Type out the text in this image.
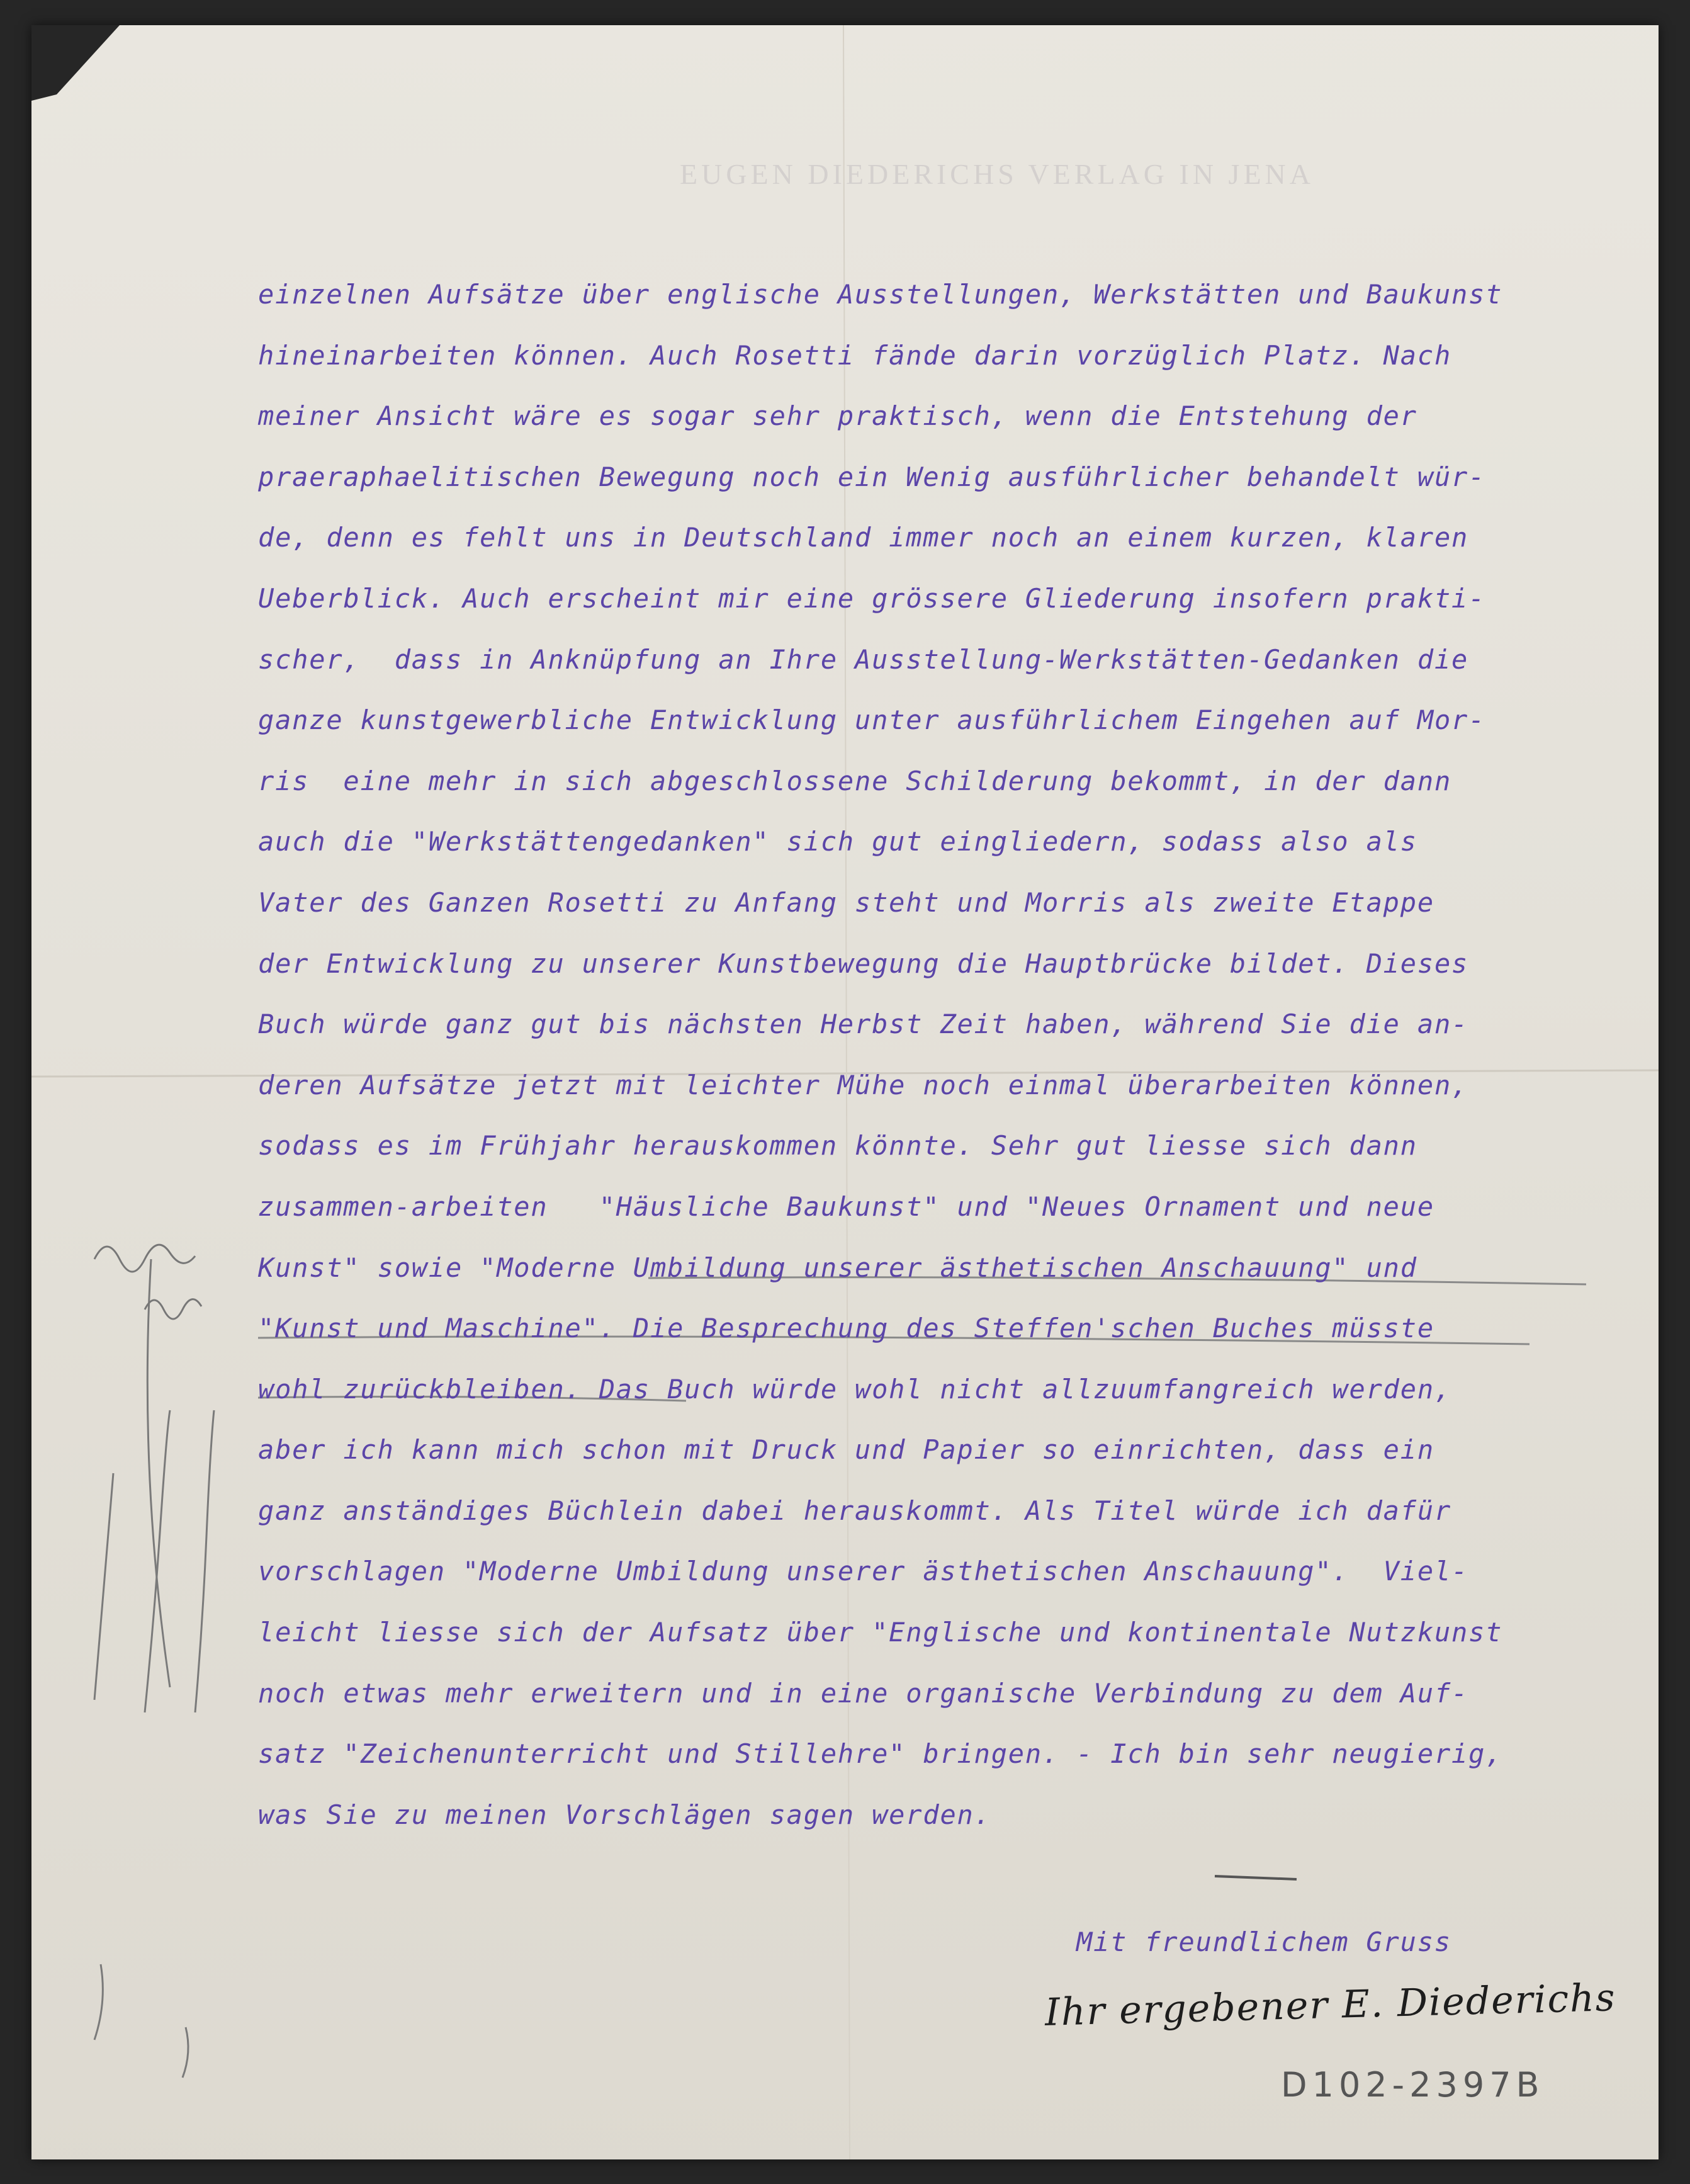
EUGEN DIEDERICHS VERLAG IN JENA
einzelnen Aufsätze über englische Ausstellungen, Werkstätten und Baukunst
hineinarbeiten können. Auch Rosetti fände darin vorzüglich Platz. Nach
meiner Ansicht wäre es sogar sehr praktisch, wenn die Entstehung der
praeraphaelitischen Bewegung noch ein Wenig ausführlicher behandelt wür-
de, denn es fehlt uns in Deutschland immer noch an einem kurzen, klaren
Ueberblick. Auch erscheint mir eine grössere Gliederung insofern prakti-
scher,  dass in Anknüpfung an Ihre Ausstellung-Werkstätten-Gedanken die
ganze kunstgewerbliche Entwicklung unter ausführlichem Eingehen auf Mor-
ris  eine mehr in sich abgeschlossene Schilderung bekommt, in der dann
auch die "Werkstättengedanken" sich gut eingliedern, sodass also als
Vater des Ganzen Rosetti zu Anfang steht und Morris als zweite Etappe
der Entwicklung zu unserer Kunstbewegung die Hauptbrücke bildet. Dieses
Buch würde ganz gut bis nächsten Herbst Zeit haben, während Sie die an-
deren Aufsätze jetzt mit leichter Mühe noch einmal überarbeiten können,
sodass es im Frühjahr herauskommen könnte. Sehr gut liesse sich dann
zusammen-arbeiten   "Häusliche Baukunst" und "Neues Ornament und neue
Kunst" sowie "Moderne Umbildung unserer ästhetischen Anschauung" und
"Kunst und Maschine". Die Besprechung des Steffen'schen Buches müsste
wohl zurückbleiben. Das Buch würde wohl nicht allzuumfangreich werden,
aber ich kann mich schon mit Druck und Papier so einrichten, dass ein
ganz anständiges Büchlein dabei herauskommt. Als Titel würde ich dafür
vorschlagen "Moderne Umbildung unserer ästhetischen Anschauung".  Viel-
leicht liesse sich der Aufsatz über "Englische und kontinentale Nutzkunst
noch etwas mehr erweitern und in eine organische Verbindung zu dem Auf-
satz "Zeichenunterricht und Stillehre" bringen. - Ich bin sehr neugierig,
was Sie zu meinen Vorschlägen sagen werden.
Mit freundlichem Gruss
Ihr ergebener E. Diederichs
D102-2397B
